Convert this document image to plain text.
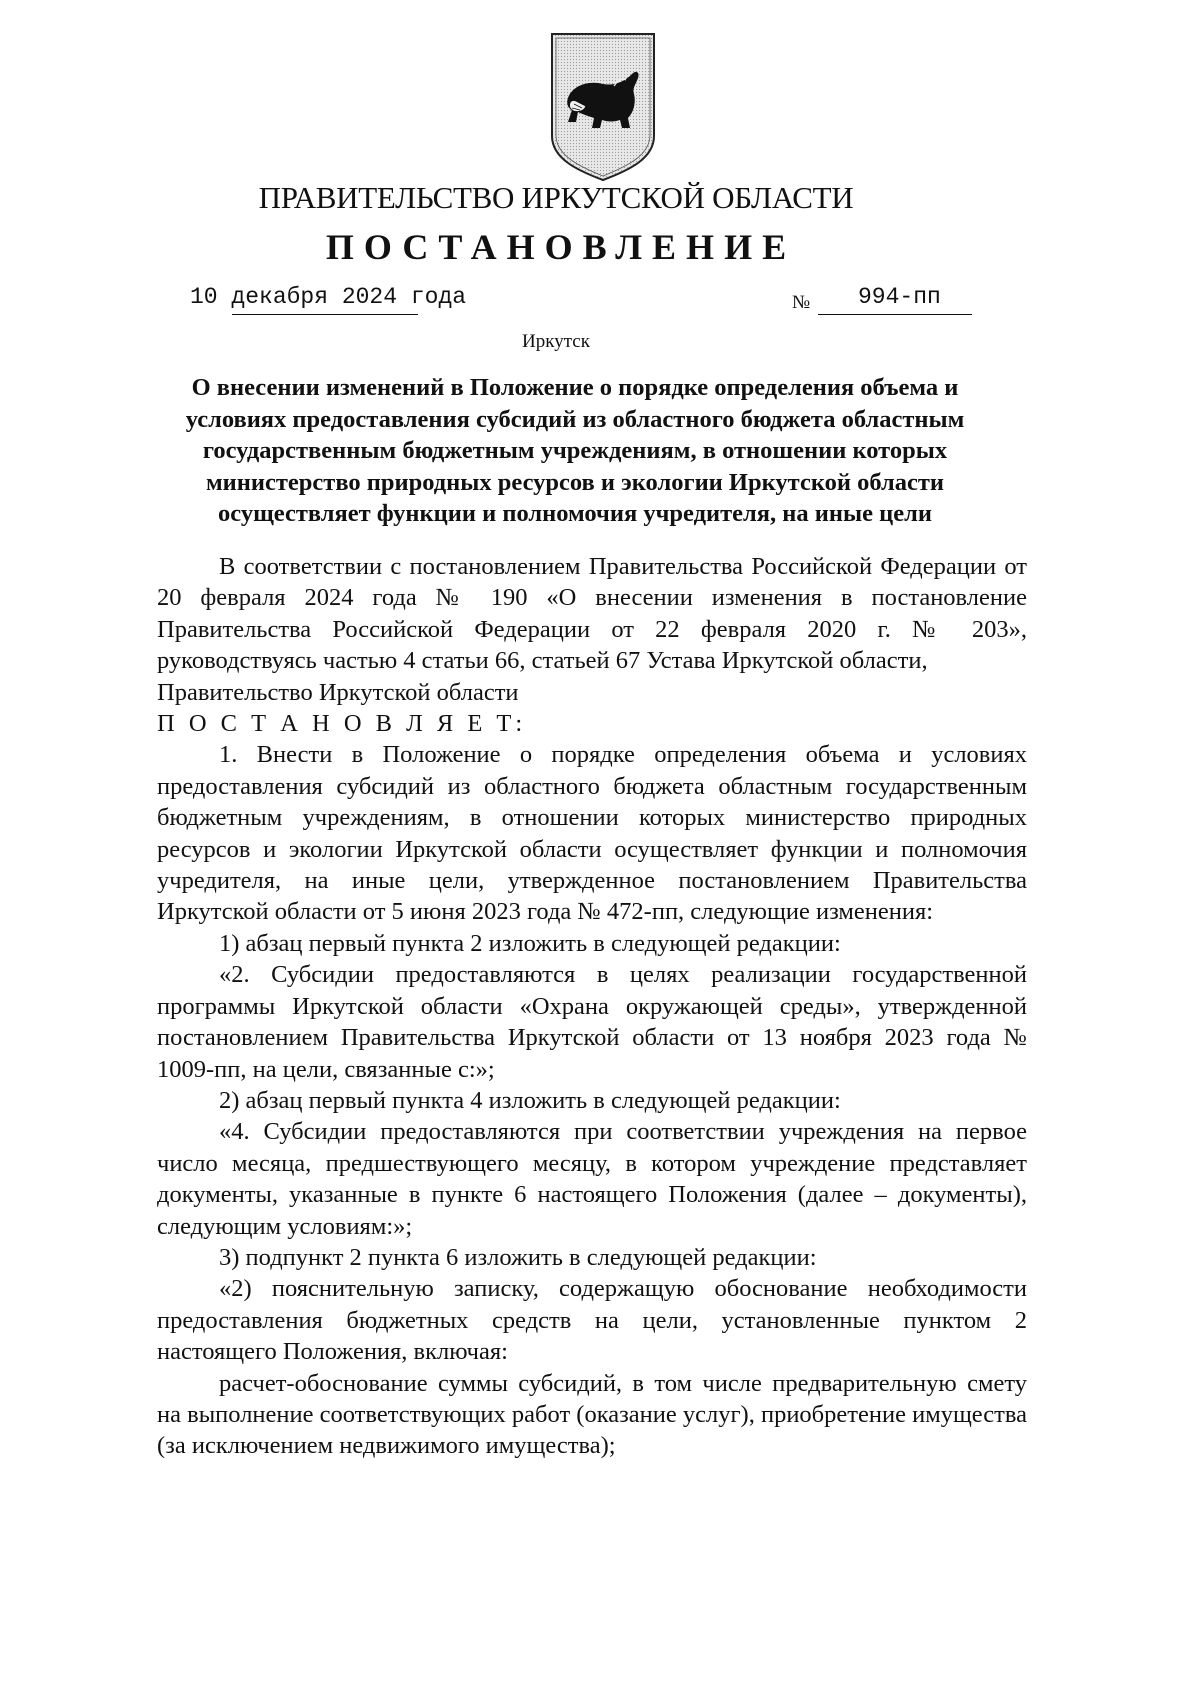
ПРАВИТЕЛЬСТВО ИРКУТСКОЙ ОБЛАСТИ
ПОСТАНОВЛЕНИЕ
10 декабря 2024 года	№ 994-пп
Иркутск
О внесении изменений в Положение о порядке определения объема и условиях предоставления субсидий из областного бюджета областным государственным бюджетным учреждениям, в отношении которых министерство природных ресурсов и экологии Иркутской области осуществляет функции и полномочия учредителя, на иные цели

В соответствии с постановлением Правительства Российской Федерации от 20 февраля 2024 года № 190 «О внесении изменения в постановление Правительства Российской Федерации от 22 февраля 2020 г. № 203», руководствуясь частью 4 статьи 66, статьей 67 Устава Иркутской области,

Правительство Иркутской области

П О С Т А Н О В Л Я Е Т:

1. Внести в Положение о порядке определения объема и условиях предоставления субсидий из областного бюджета областным государственным бюджетным учреждениям, в отношении которых министерство природных ресурсов и экологии Иркутской области осуществляет функции и полномочия учредителя, на иные цели, утвержденное постановлением Правительства Иркутской области от 5 июня 2023 года № 472-пп, следующие изменения:

1) абзац первый пункта 2 изложить в следующей редакции:

«2. Субсидии предоставляются в целях реализации государственной программы Иркутской области «Охрана окружающей среды», утвержденной постановлением Правительства Иркутской области от 13 ноября 2023 года № 1009-пп, на цели, связанные с:»;

2) абзац первый пункта 4 изложить в следующей редакции:

«4. Субсидии предоставляются при соответствии учреждения на первое число месяца, предшествующего месяцу, в котором учреждение представляет документы, указанные в пункте 6 настоящего Положения (далее – документы), следующим условиям:»;

3) подпункт 2 пункта 6 изложить в следующей редакции:

«2) пояснительную записку, содержащую обоснование необходимости предоставления бюджетных средств на цели, установленные пунктом 2 настоящего Положения, включая:

расчет-обоснование суммы субсидий, в том числе предварительную смету на выполнение соответствующих работ (оказание услуг), приобретение имущества (за исключением недвижимого имущества);
